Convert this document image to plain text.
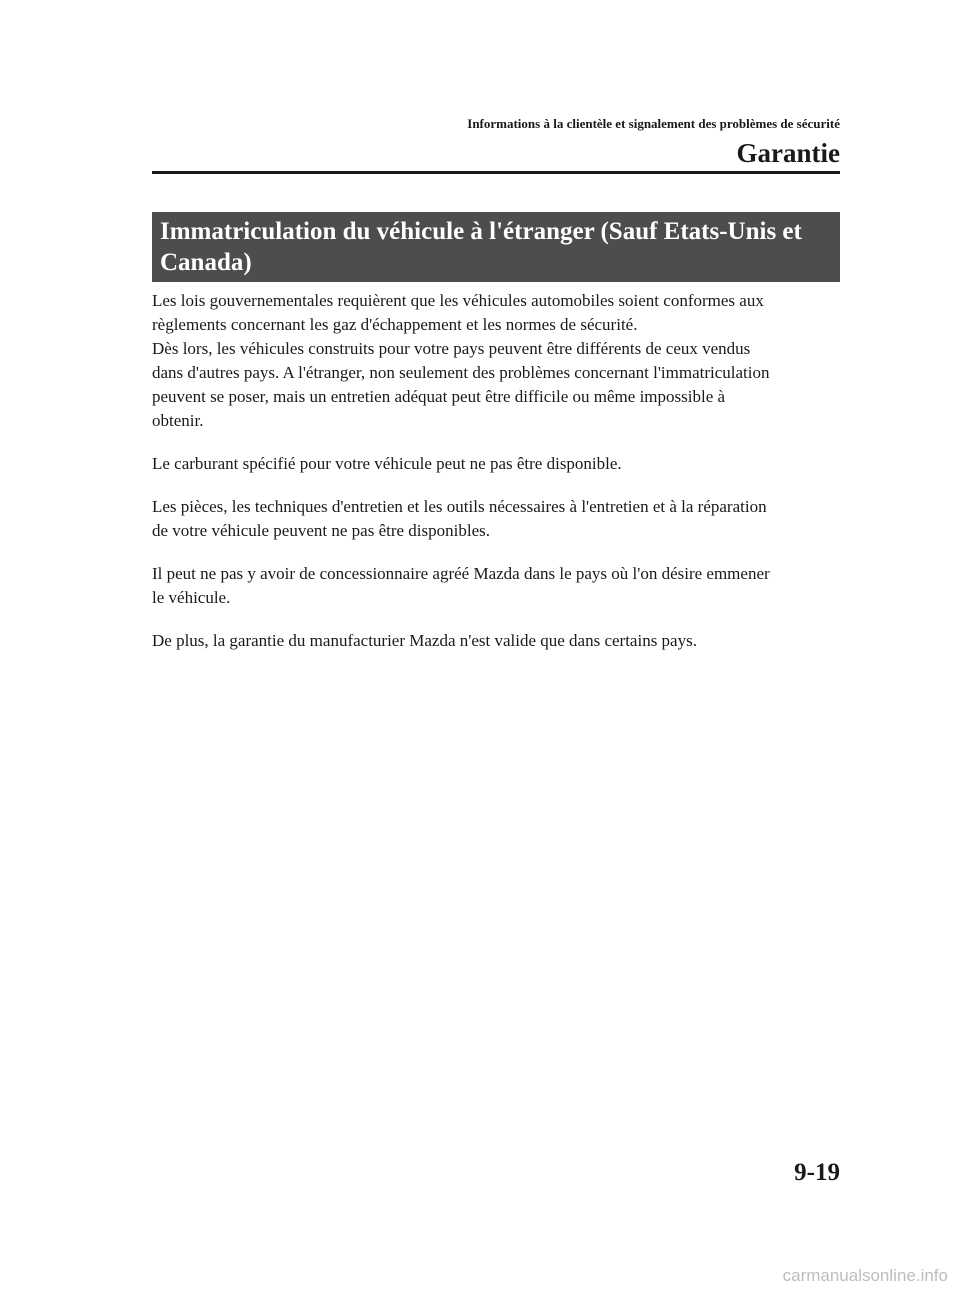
Informations à la clientèle et signalement des problèmes de sécurité
Garantie
Immatriculation du véhicule à l'étranger (Sauf Etats-Unis et
Canada)

Les lois gouvernementales requièrent que les véhicules automobiles soient conformes aux
règlements concernant les gaz d'échappement et les normes de sécurité.
Dès lors, les véhicules construits pour votre pays peuvent être différents de ceux vendus
dans d'autres pays. A l'étranger, non seulement des problèmes concernant l'immatriculation
peuvent se poser, mais un entretien adéquat peut être difficile ou même impossible à
obtenir.

Le carburant spécifié pour votre véhicule peut ne pas être disponible.

Les pièces, les techniques d'entretien et les outils nécessaires à l'entretien et à la réparation
de votre véhicule peuvent ne pas être disponibles.

Il peut ne pas y avoir de concessionnaire agréé Mazda dans le pays où l'on désire emmener
le véhicule.

De plus, la garantie du manufacturier Mazda n'est valide que dans certains pays.

9-19
carmanualsonline.info
